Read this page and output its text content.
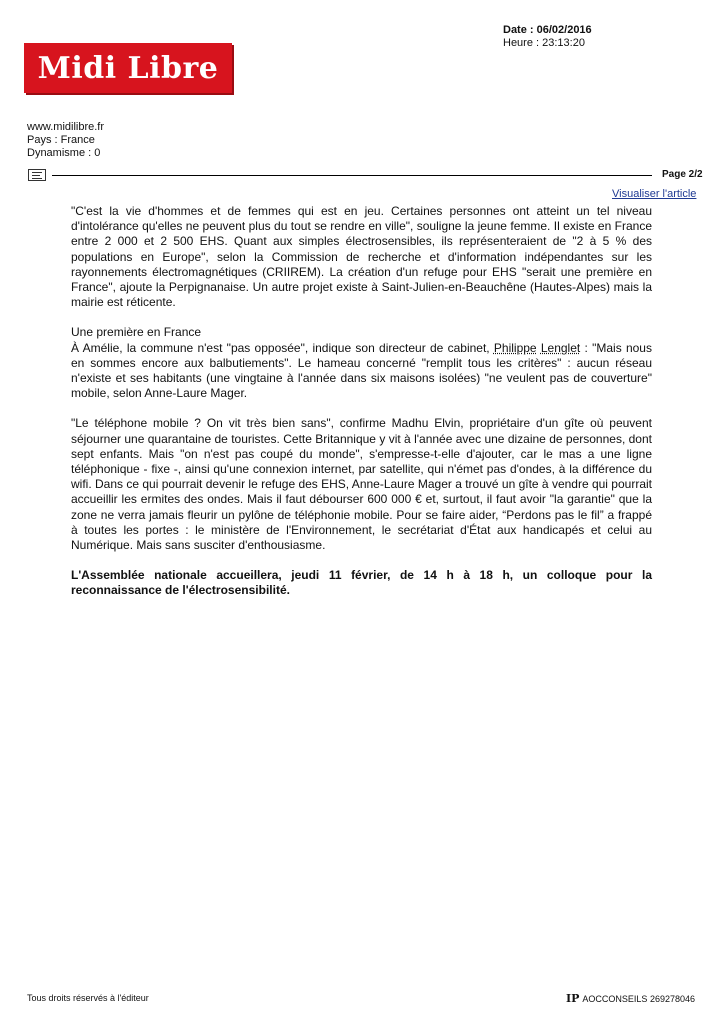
Midi Libre
Date : 06/02/2016
Heure : 23:13:20
www.midilibre.fr
Pays : France
Dynamisme : 0
Page 2/2
Visualiser l'article

"C'est la vie d'hommes et de femmes qui est en jeu. Certaines personnes ont atteint un tel niveau d'intolérance qu'elles ne peuvent plus du tout se rendre en ville", souligne la jeune femme. Il existe en France entre 2 000 et 2 500 EHS. Quant aux simples électrosensibles, ils représenteraient de "2 à 5 % des populations en Europe", selon la Commission de recherche et d'information indépendantes sur les rayonnements électromagnétiques (CRIIREM). La création d'un refuge pour EHS "serait une première en France", ajoute la Perpignanaise. Un autre projet existe à Saint-Julien-en-Beauchêne (Hautes-Alpes) mais la mairie est réticente.

Une première en France

À Amélie, la commune n'est "pas opposée", indique son directeur de cabinet, Philippe Lenglet : "Mais nous en sommes encore aux balbutiements". Le hameau concerné "remplit tous les critères" : aucun réseau n'existe et ses habitants (une vingtaine à l'année dans six maisons isolées) "ne veulent pas de couverture" mobile, selon Anne-Laure Mager.

"Le téléphone mobile ? On vit très bien sans", confirme Madhu Elvin, propriétaire d'un gîte où peuvent séjourner une quarantaine de touristes. Cette Britannique y vit à l'année avec une dizaine de personnes, dont sept enfants. Mais "on n'est pas coupé du monde", s'empresse-t-elle d'ajouter, car le mas a une ligne téléphonique - fixe -, ainsi qu'une connexion internet, par satellite, qui n'émet pas d'ondes, à la différence du wifi. Dans ce qui pourrait devenir le refuge des EHS, Anne-Laure Mager a trouvé un gîte à vendre qui pourrait accueillir les ermites des ondes. Mais il faut débourser 600 000 € et, surtout, il faut avoir "la garantie" que la zone ne verra jamais fleurir un pylône de téléphonie mobile. Pour se faire aider, “Perdons pas le fil” a frappé à toutes les portes : le ministère de l'Environnement, le secrétariat d'État aux handicapés et celui au Numérique. Mais sans susciter d'enthousiasme.

L'Assemblée nationale accueillera, jeudi 11 février, de 14 h à 18 h, un colloque pour la reconnaissance de l'électrosensibilité.

Tous droits réservés à l'éditeur	IP AOCCONSEILS 269278046
